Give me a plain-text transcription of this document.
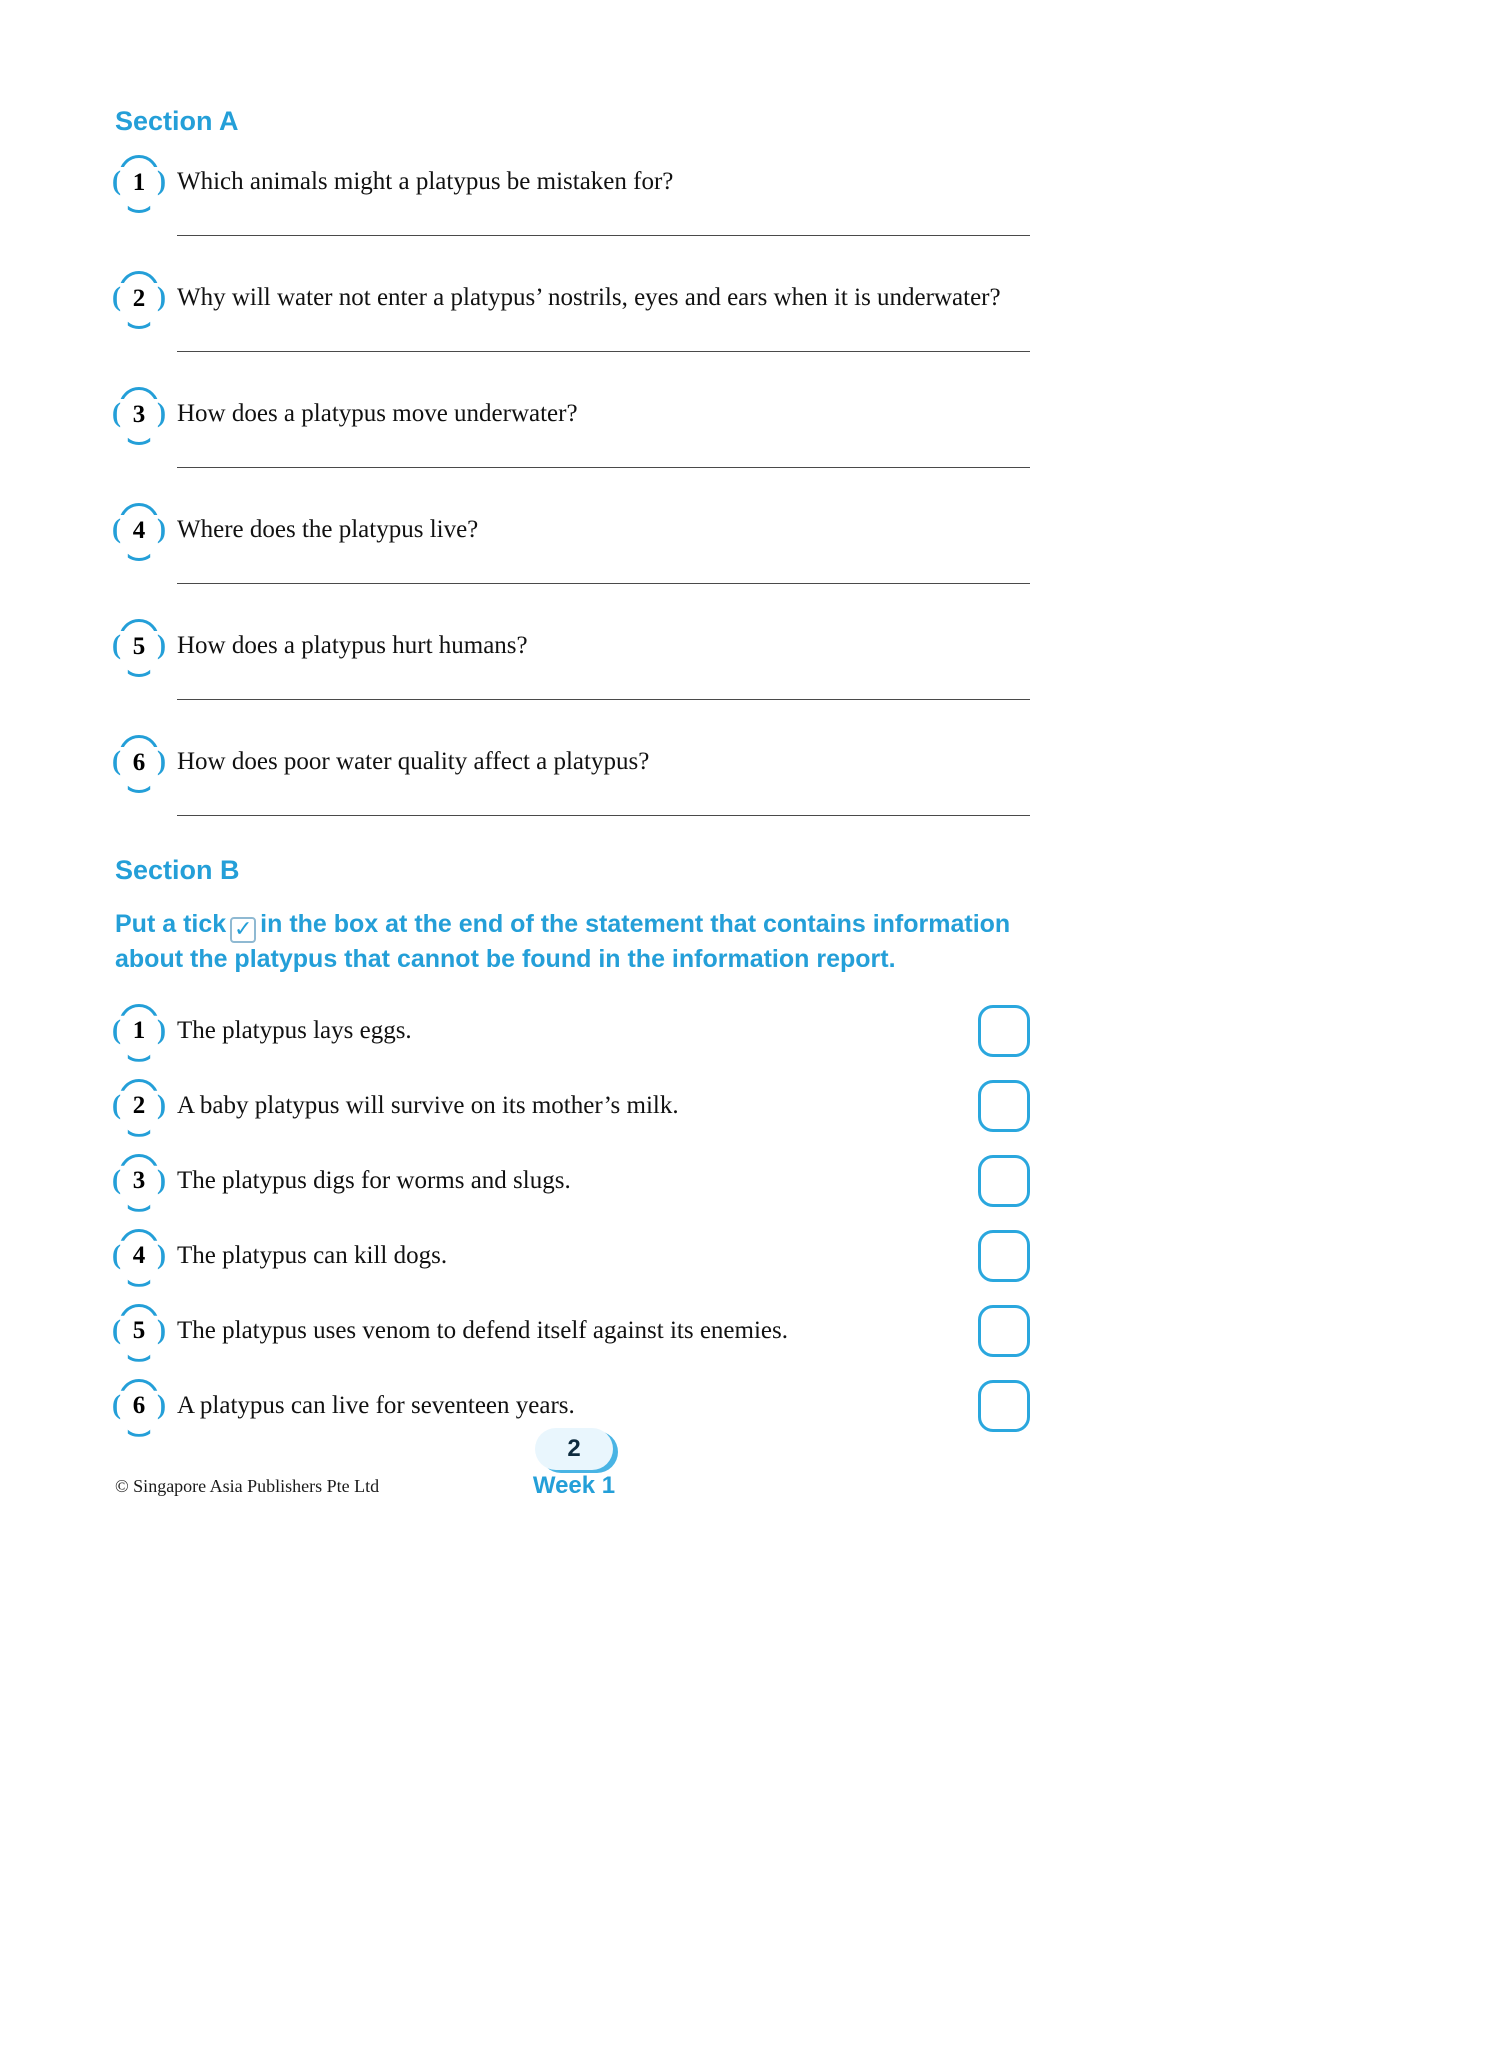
Section A
( 1 ) Which animals might a platypus be mistaken for?
( 2 ) Why will water not enter a platypus’ nostrils, eyes and ears when it is underwater?
( 3 ) How does a platypus move underwater?
( 4 ) Where does the platypus live?
( 5 ) How does a platypus hurt humans?
( 6 ) How does poor water quality affect a platypus?
Section B

Put a tick ✓ in the box at the end of the statement that contains information about the platypus that cannot be found in the information report.

( 1 ) The platypus lays eggs.
( 2 ) A baby platypus will survive on its mother’s milk.
( 3 ) The platypus digs for worms and slugs.
( 4 ) The platypus can kill dogs.
( 5 ) The platypus uses venom to defend itself against its enemies.
( 6 ) A platypus can live for seventeen years.
2
Week 1
© Singapore Asia Publishers Pte Ltd
